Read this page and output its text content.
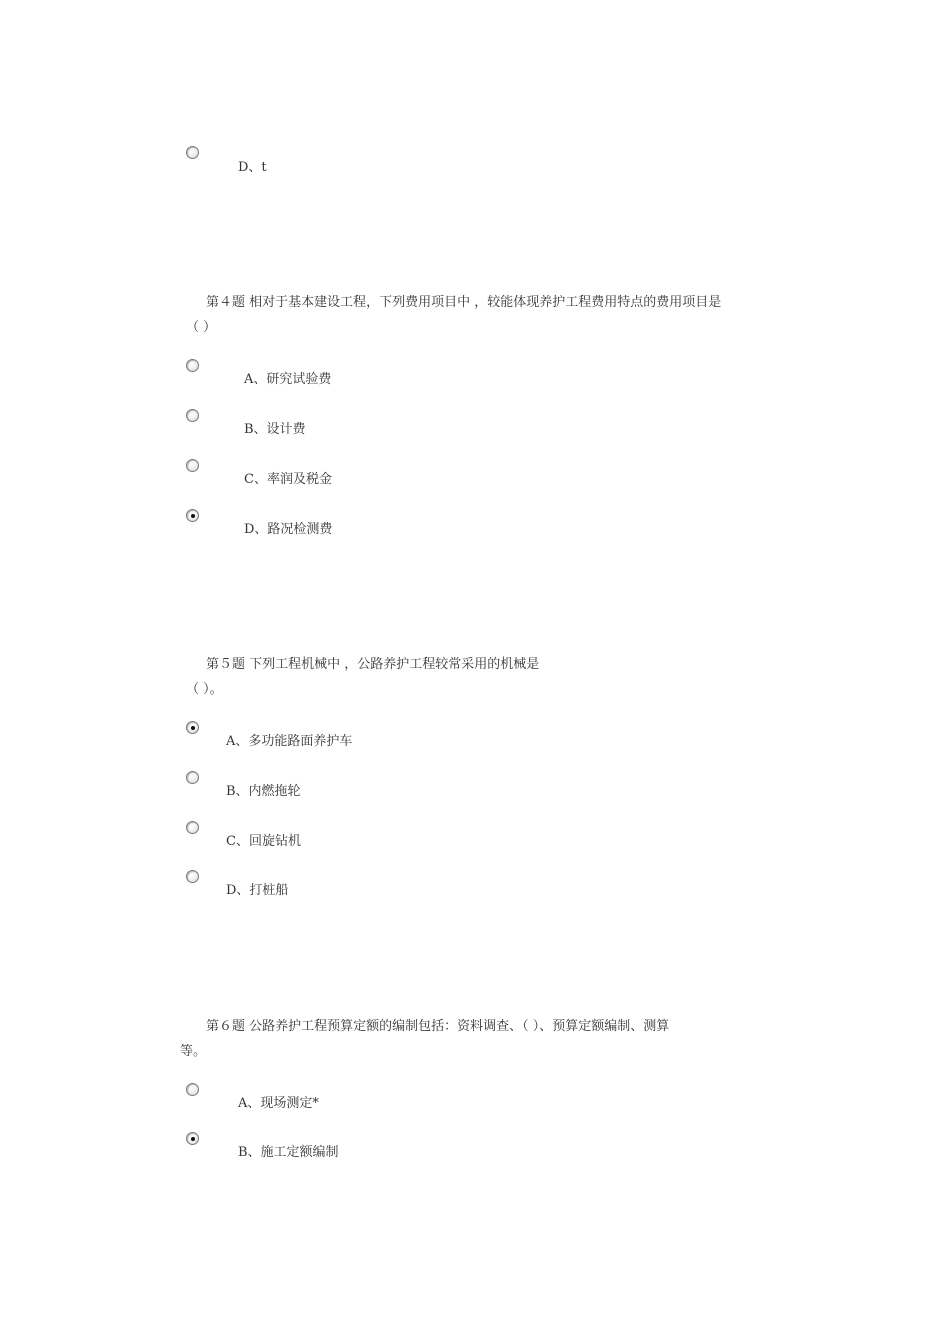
D、t
第４题 相对于基本建设工程，下列费用项目中 ，较能体现养护工程费用特点的费用项目是
（ ）
A、研究试验费
B、设计费
C、率润及税金
D、路况检测费
第５题 下列工程机械中 ，公路养护工程较常采用的机械是
（ ）。
A、多功能路面养护车
B、内燃拖轮
C、回旋钻机
D、打桩船
第６题 公路养护工程预算定额的编制包括：资料调查、（ ）、预算定额编制、测算
等。
A、现场测定*
B、施工定额编制
